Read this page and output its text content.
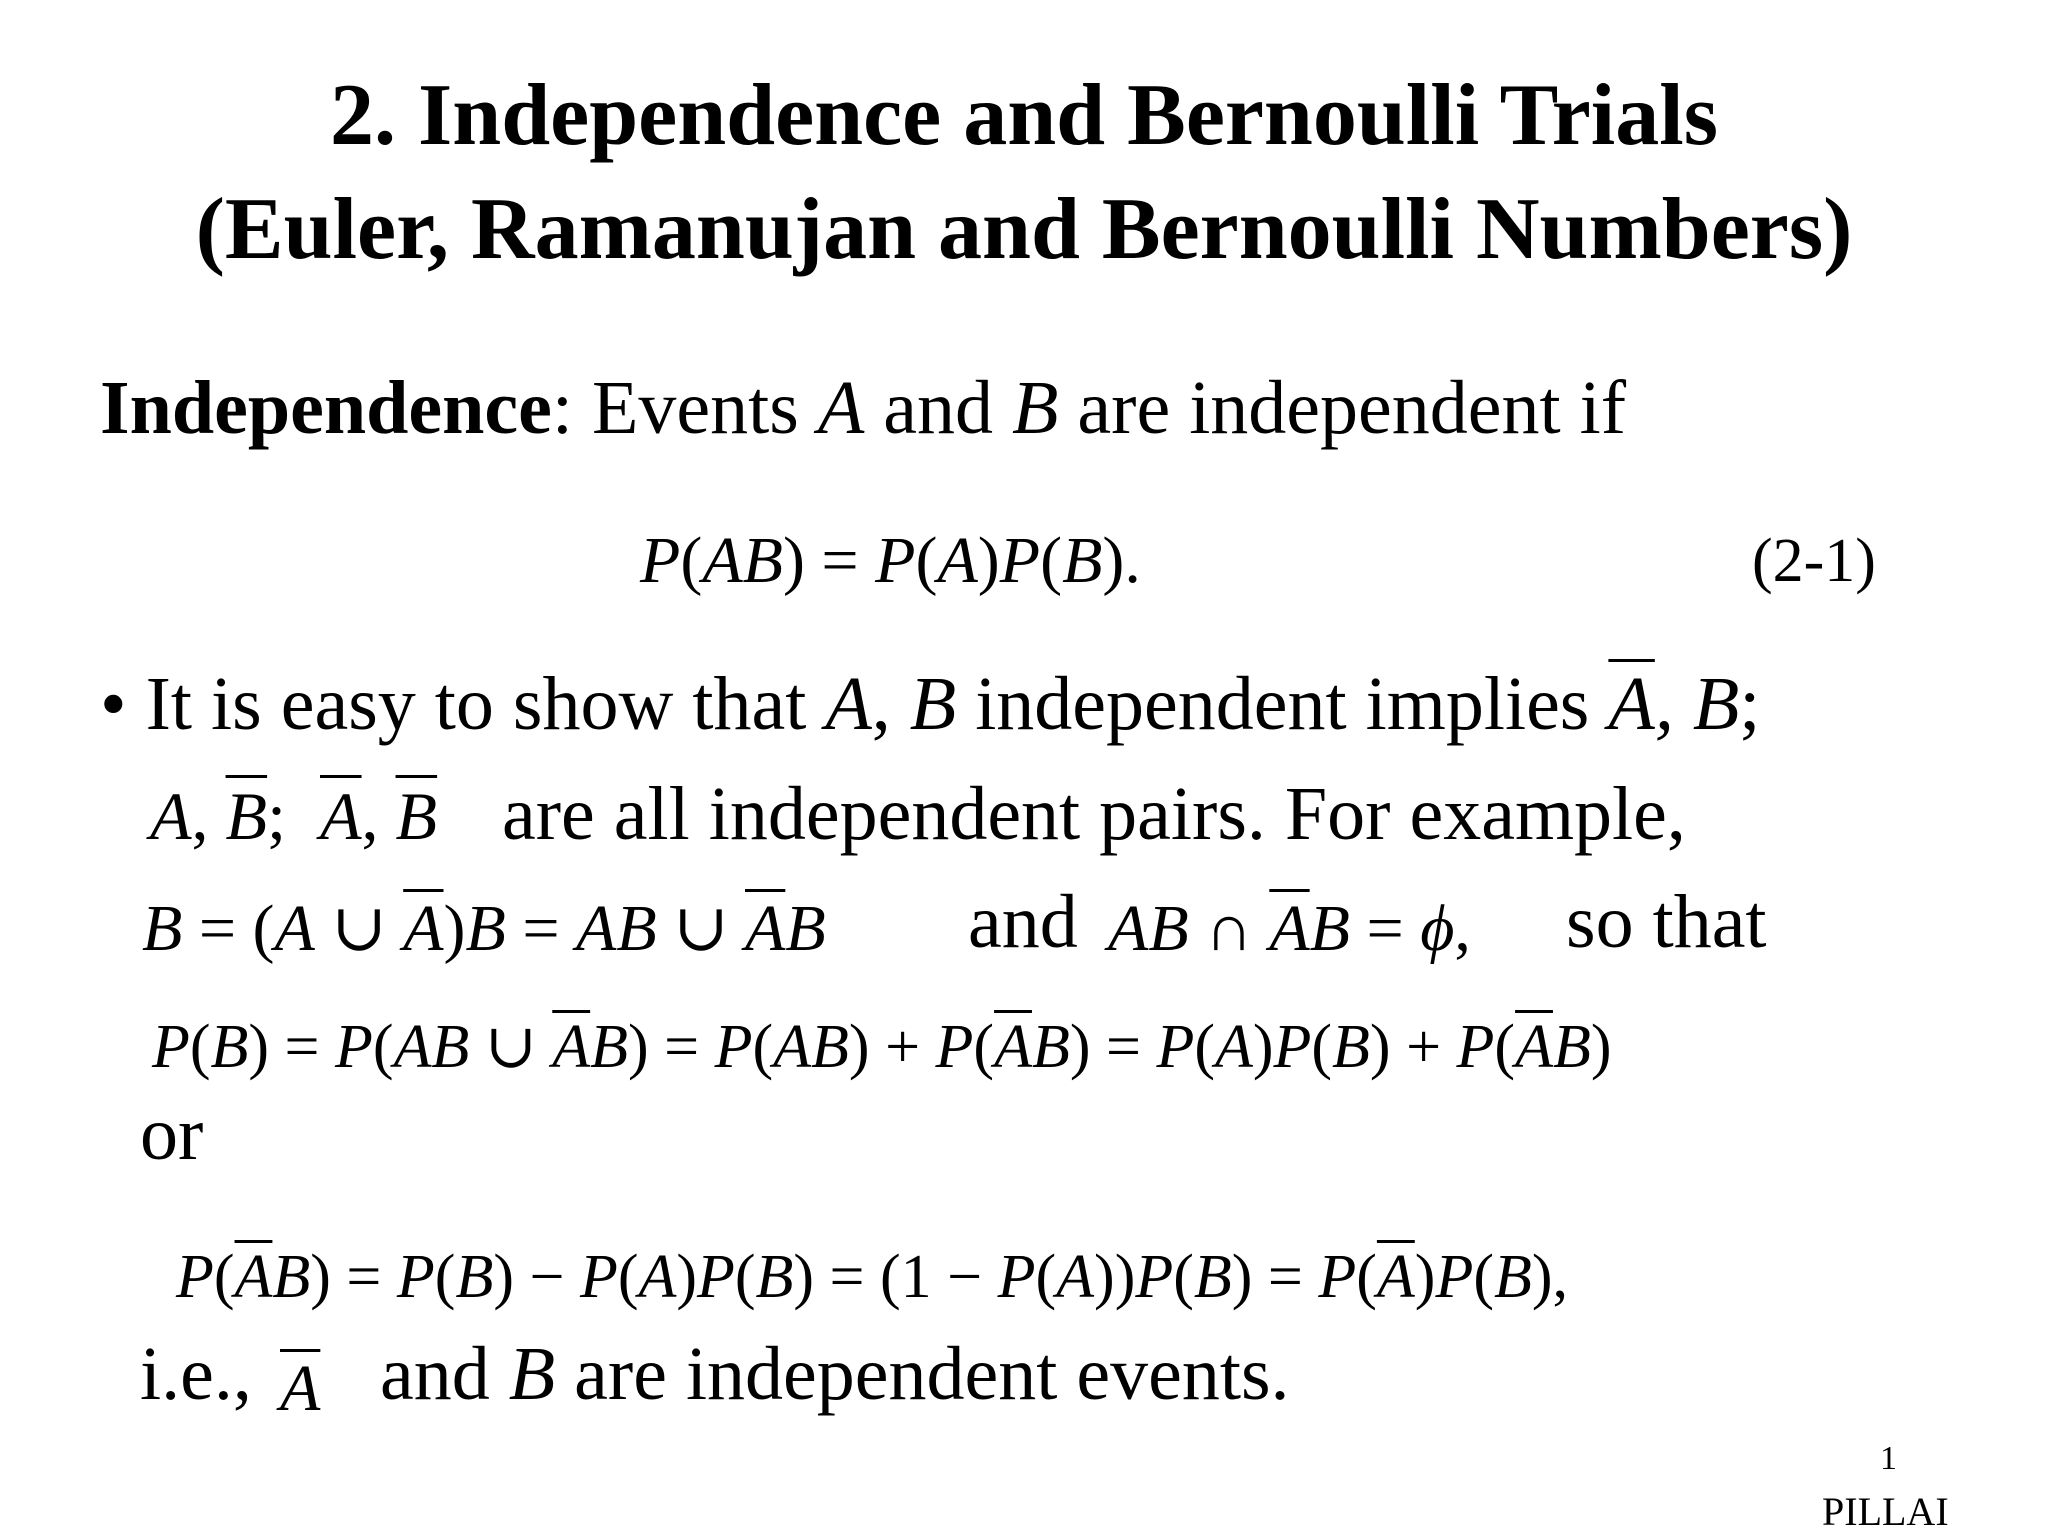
2. Independence and Bernoulli Trials
(Euler, Ramanujan and Bernoulli Numbers)
Independence: Events A and B are independent if
P(AB) = P(A)P(B).	(2-1)
• It is easy to show that A, B independent implies $\overline{A}$, B;
A, $\overline{B}$;  $\overline{A}$, $\overline{B}$ are all independent pairs. For example,
B = (A ∪ $\overline{A})B$ = AB ∪ $\overline{A}B$ and AB ∩ $\overline{A}B = \phi$, so that
P(B) = P(AB ∪ $\overline{A}B) = P(AB) + P(\overline{A}B) = P(A)P(B) + P(\overline{A}B)$
or
$P(\overline{A}B) = P(B) - P(A)P(B) = (1 - P(A))P(B) = P(\overline{A})P(B)$,
i.e., $\overline{A}$ and B are independent events.
1
PILLAI
